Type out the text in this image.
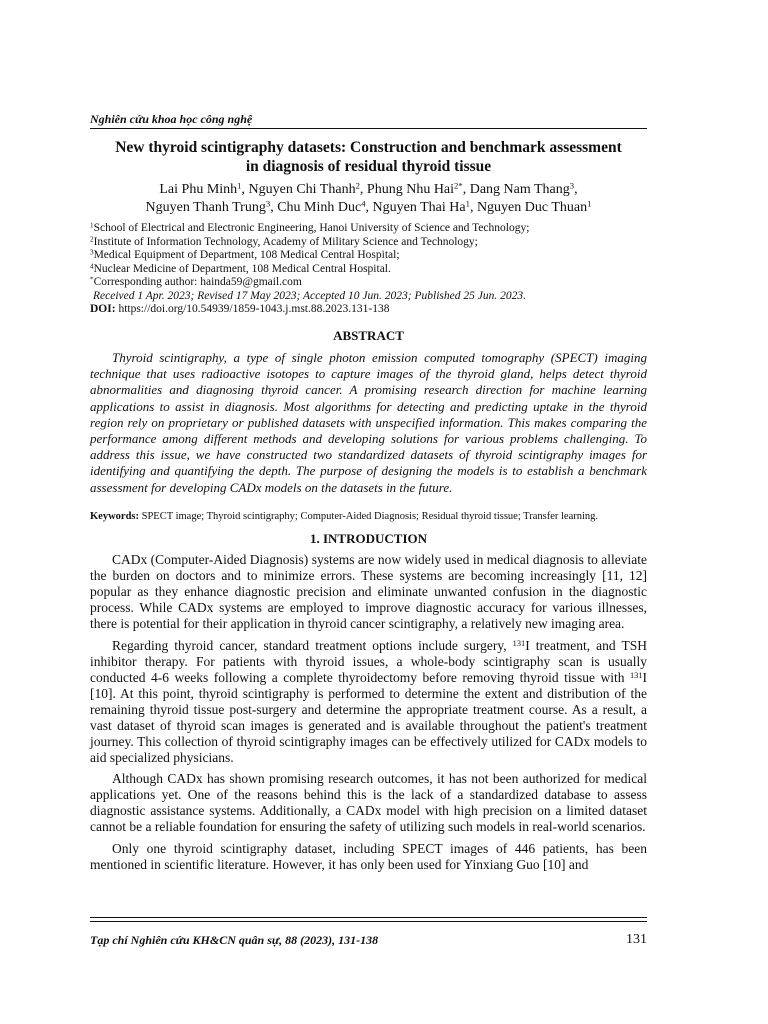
Nghiên cứu khoa học công nghệ
New thyroid scintigraphy datasets: Construction and benchmark assessment
in diagnosis of residual thyroid tissue
Lai Phu Minh$^1$, Nguyen Chi Thanh$^2$, Phung Nhu Hai$^{2*}$, Dang Nam Thang$^3$,
Nguyen Thanh Trung$^3$, Chu Minh Duc$^4$, Nguyen Thai Ha$^1$, Nguyen Duc Thuan$^1$
$^1$School of Electrical and Electronic Engineering, Hanoi University of Science and Technology;
$^2$Institute of Information Technology, Academy of Military Science and Technology;
$^3$Medical Equipment of Department, 108 Medical Central Hospital;
$^4$Nuclear Medicine of Department, 108 Medical Central Hospital.
*Corresponding author: hainda59@gmail.com
Received 1 Apr. 2023; Revised 17 May 2023; Accepted 10 Jun. 2023; Published 25 Jun. 2023.
DOI: https://doi.org/10.54939/1859-1043.j.mst.88.2023.131-138
ABSTRACT

Thyroid scintigraphy, a type of single photon emission computed tomography (SPECT) imaging technique that uses radioactive isotopes to capture images of the thyroid gland, helps detect thyroid abnormalities and diagnosing thyroid cancer. A promising research direction for machine learning applications to assist in diagnosis. Most algorithms for detecting and predicting uptake in the thyroid region rely on proprietary or published datasets with unspecified information. This makes comparing the performance among different methods and developing solutions for various problems challenging. To address this issue, we have constructed two standardized datasets of thyroid scintigraphy images for identifying and quantifying the depth. The purpose of designing the models is to establish a benchmark assessment for developing CADx models on the datasets in the future.

Keywords: SPECT image; Thyroid scintigraphy; Computer-Aided Diagnosis; Residual thyroid tissue; Transfer learning.
1. INTRODUCTION

CADx (Computer-Aided Diagnosis) systems are now widely used in medical diagnosis to alleviate the burden on doctors and to minimize errors. These systems are becoming increasingly [11, 12] popular as they enhance diagnostic precision and eliminate unwanted confusion in the diagnostic process. While CADx systems are employed to improve diagnostic accuracy for various illnesses, there is potential for their application in thyroid cancer scintigraphy, a relatively new imaging area.

Regarding thyroid cancer, standard treatment options include surgery, $^{131}$I treatment, and TSH inhibitor therapy. For patients with thyroid issues, a whole-body scintigraphy scan is usually conducted 4-6 weeks following a complete thyroidectomy before removing thyroid tissue with $^{131}$I [10]. At this point, thyroid scintigraphy is performed to determine the extent and distribution of the remaining thyroid tissue post-surgery and determine the appropriate treatment course. As a result, a vast dataset of thyroid scan images is generated and is available throughout the patient's treatment journey. This collection of thyroid scintigraphy images can be effectively utilized for CADx models to aid specialized physicians.

Although CADx has shown promising research outcomes, it has not been authorized for medical applications yet. One of the reasons behind this is the lack of a standardized database to assess diagnostic assistance systems. Additionally, a CADx model with high precision on a limited dataset cannot be a reliable foundation for ensuring the safety of utilizing such models in real-world scenarios.

Only one thyroid scintigraphy dataset, including SPECT images of 446 patients, has been mentioned in scientific literature. However, it has only been used for Yinxiang Guo [10] and

Tạp chí Nghiên cứu KH&CN quân sự, 88 (2023), 131-138	131
